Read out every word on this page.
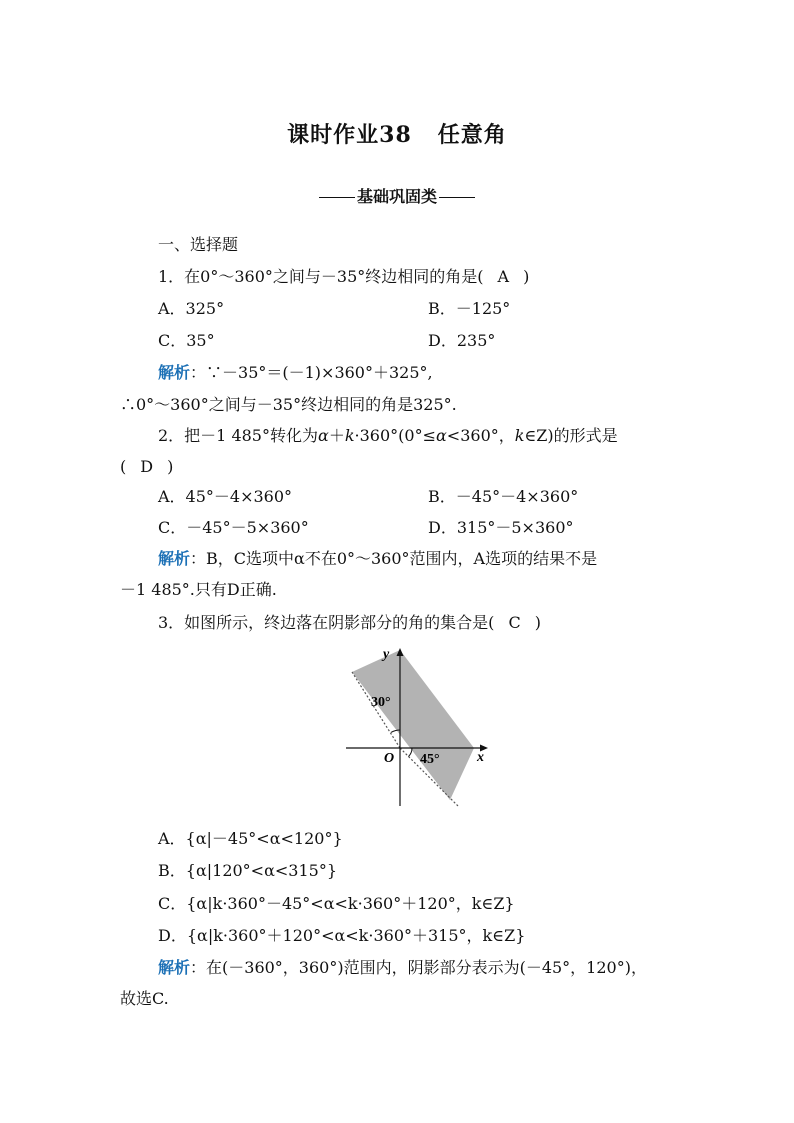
课时作业38 任意角
基础巩固类
一、选择题
1．在0°～360°之间与－35°终边相同的角是( A )
A．325°	B．－125°
C．35°	D．235°
解析：∵－35°＝(－1)×360°＋325°,
∴0°～360°之间与－35°终边相同的角是325°.
2．把－1 485°转化为α＋k·360°(0°≤α<360°，k∈Z)的形式是
( D )
A．45°－4×360°	B．－45°－4×360°
C．－45°－5×360°	D．315°－5×360°
解析：B，C选项中α不在0°～360°范围内，A选项的结果不是
－1 485°.只有D正确.
3．如图所示，终边落在阴影部分的角的集合是( C )
y
x
O
30°
45°
A．{α|－45°<α<120°}
B．{α|120°<α<315°}
C．{α|k·360°－45°<α<k·360°＋120°，k∈Z}
D．{α|k·360°＋120°<α<k·360°＋315°，k∈Z}
解析：在(－360°，360°)范围内，阴影部分表示为(－45°，120°)，
故选C.
